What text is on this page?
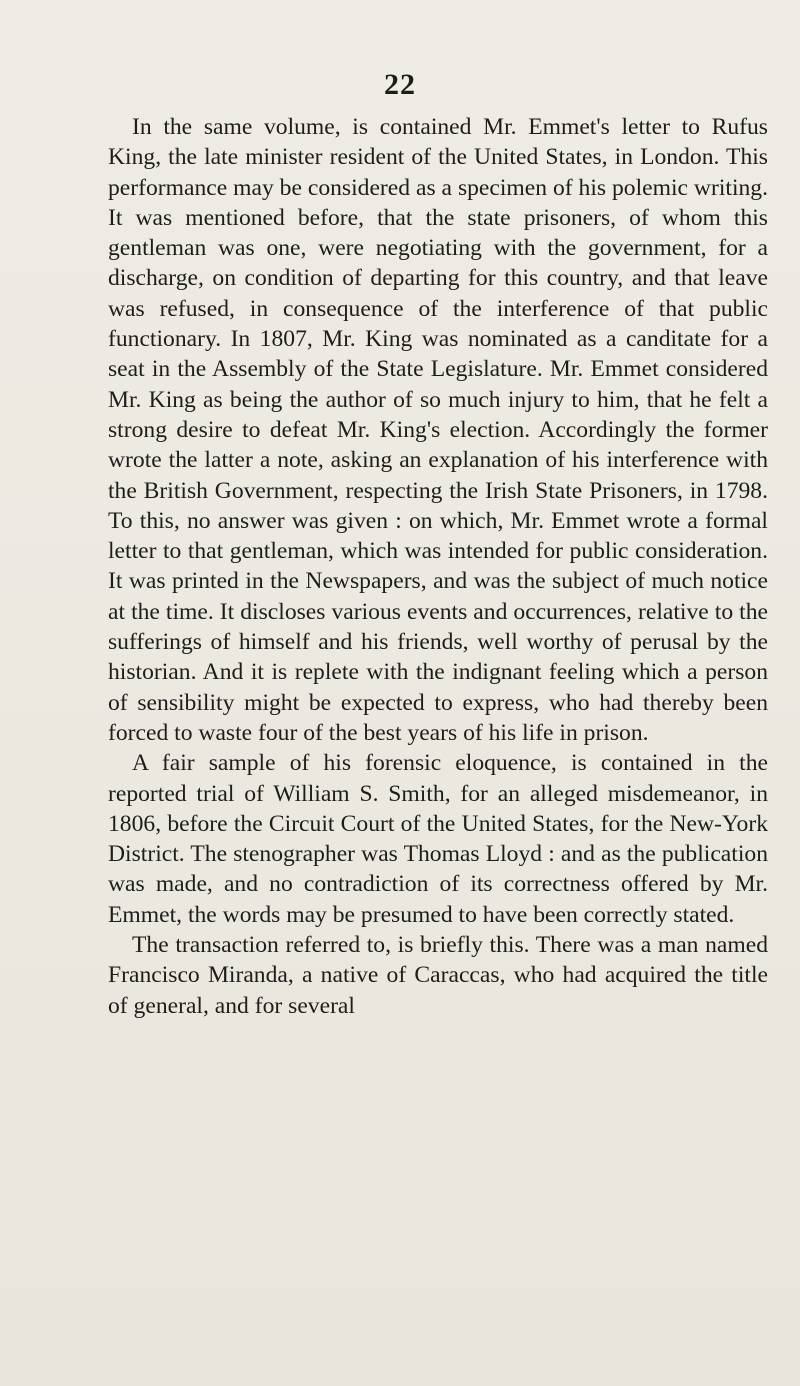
22

In the same volume, is contained Mr. Emmet's letter to Rufus King, the late minister resident of the United States, in London. This performance may be considered as a specimen of his polemic writing. It was mentioned before, that the state prisoners, of whom this gentleman was one, were negotiating with the government, for a discharge, on condition of departing for this country, and that leave was refused, in consequence of the interference of that public functionary. In 1807, Mr. King was nominated as a canditate for a seat in the Assembly of the State Legislature. Mr. Emmet considered Mr. King as being the author of so much injury to him, that he felt a strong desire to defeat Mr. King's election. Accordingly the former wrote the latter a note, asking an explanation of his interference with the British Government, respecting the Irish State Prisoners, in 1798. To this, no answer was given : on which, Mr. Emmet wrote a formal letter to that gentleman, which was intended for public consideration. It was printed in the Newspapers, and was the subject of much notice at the time. It discloses various events and occurrences, relative to the sufferings of himself and his friends, well worthy of perusal by the historian. And it is replete with the indignant feeling which a person of sensibility might be expected to express, who had thereby been forced to waste four of the best years of his life in prison.

A fair sample of his forensic eloquence, is contained in the reported trial of William S. Smith, for an alleged misdemeanor, in 1806, before the Circuit Court of the United States, for the New-York District. The stenographer was Thomas Lloyd : and as the publication was made, and no contradiction of its correctness offered by Mr. Emmet, the words may be presumed to have been correctly stated.

The transaction referred to, is briefly this. There was a man named Francisco Miranda, a native of Caraccas, who had acquired the title of general, and for several
